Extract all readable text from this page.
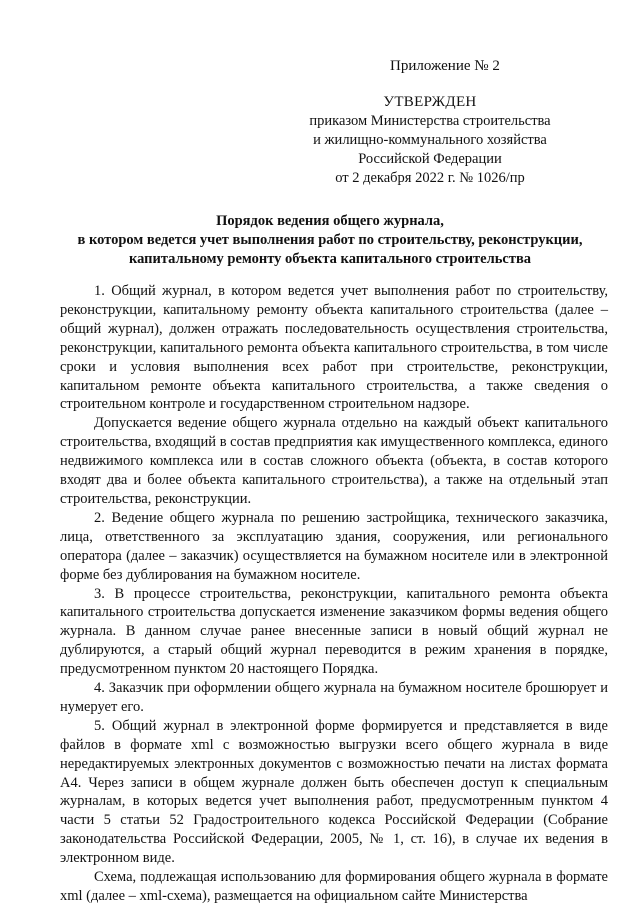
Приложение № 2
УТВЕРЖДЕН
приказом Министерства строительства
и жилищно-коммунального хозяйства
Российской Федерации
от 2 декабря 2022 г. № 1026/пр
Порядок ведения общего журнала,
в котором ведется учет выполнения работ по строительству, реконструкции,
капитальному ремонту объекта капитального строительства

1. Общий журнал, в котором ведется учет выполнения работ по строительству, реконструкции, капитальному ремонту объекта капитального строительства (далее – общий журнал), должен отражать последовательность осуществления строительства, реконструкции, капитального ремонта объекта капитального строительства, в том числе сроки и условия выполнения всех работ при строительстве, реконструкции, капитальном ремонте объекта капитального строительства, а также сведения о строительном контроле и государственном строительном надзоре.

Допускается ведение общего журнала отдельно на каждый объект капитального строительства, входящий в состав предприятия как имущественного комплекса, единого недвижимого комплекса или в состав сложного объекта (объекта, в состав которого входят два и более объекта капитального строительства), а также на отдельный этап строительства, реконструкции.

2. Ведение общего журнала по решению застройщика, технического заказчика, лица, ответственного за эксплуатацию здания, сооружения, или регионального оператора (далее – заказчик) осуществляется на бумажном носителе или в электронной форме без дублирования на бумажном носителе.

3. В процессе строительства, реконструкции, капитального ремонта объекта капитального строительства допускается изменение заказчиком формы ведения общего журнала. В данном случае ранее внесенные записи в новый общий журнал не дублируются, а старый общий журнал переводится в режим хранения в порядке, предусмотренном пунктом 20 настоящего Порядка.

4. Заказчик при оформлении общего журнала на бумажном носителе брошюрует и нумерует его.

5. Общий журнал в электронной форме формируется и представляется в виде файлов в формате xml с возможностью выгрузки всего общего журнала в виде нередактируемых электронных документов с возможностью печати на листах формата А4. Через записи в общем журнале должен быть обеспечен доступ к специальным журналам, в которых ведется учет выполнения работ, предусмотренным пунктом 4 части 5 статьи 52 Градостроительного кодекса Российской Федерации (Собрание законодательства Российской Федерации, 2005, № 1, ст. 16), в случае их ведения в электронном виде.

Схема, подлежащая использованию для формирования общего журнала в формате xml (далее – xml-схема), размещается на официальном сайте Министерства
